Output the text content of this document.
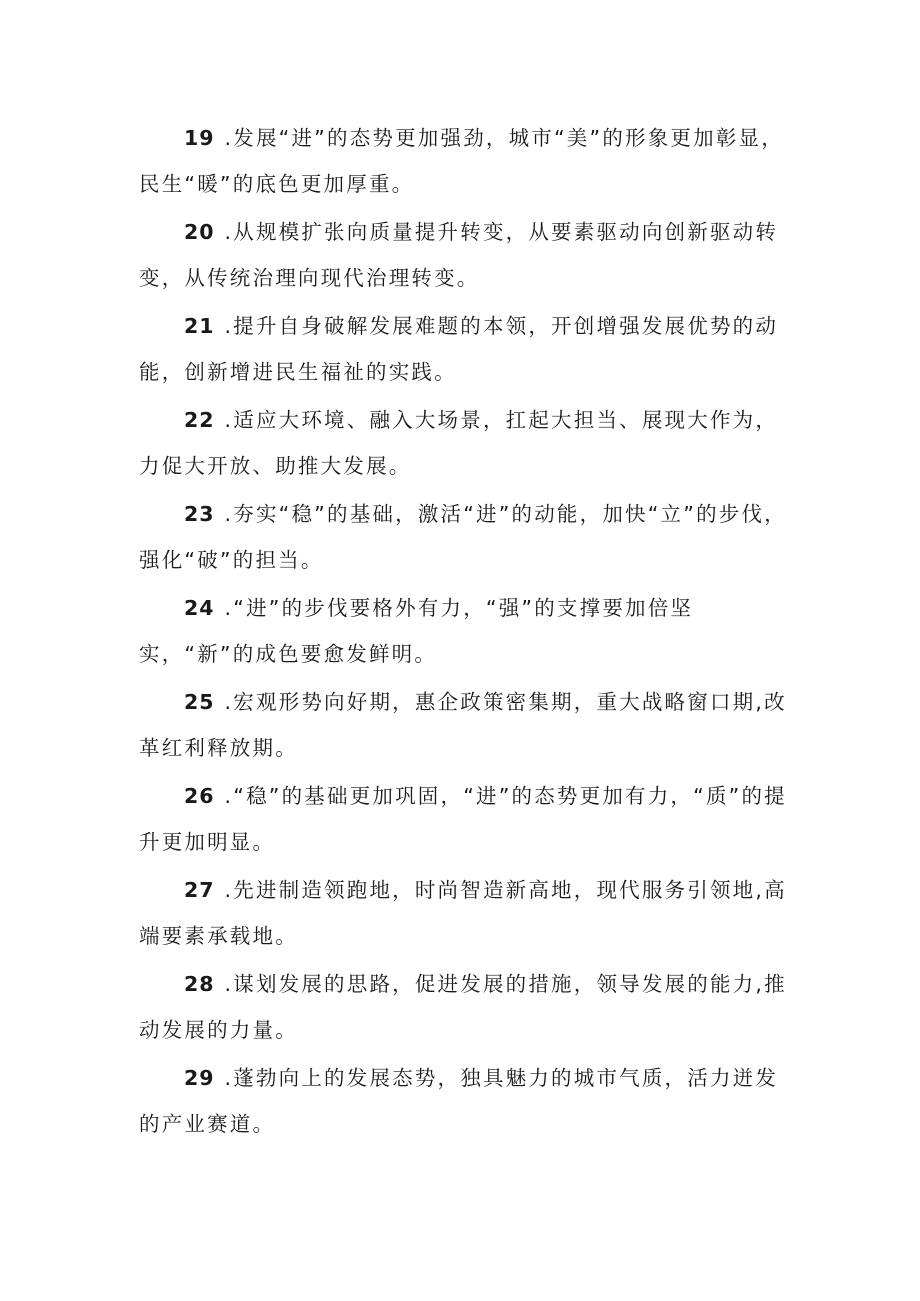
19 .发展“进”的态势更加强劲，城市“美”的形象更加彰显，民生“暖”的底色更加厚重。

20 .从规模扩张向质量提升转变，从要素驱动向创新驱动转变，从传统治理向现代治理转变。

21 .提升自身破解发展难题的本领，开创增强发展优势的动能，创新增进民生福祉的实践。

22 .适应大环境、融入大场景，扛起大担当、展现大作为，力促大开放、助推大发展。

23 .夯实“稳”的基础，激活“进”的动能，加快“立”的步伐，强化“破”的担当。

24 .“进”的步伐要格外有力，“强”的支撑要加倍坚实，“新”的成色要愈发鲜明。

25 .宏观形势向好期，惠企政策密集期，重大战略窗口期,改革红利释放期。

26 .“稳”的基础更加巩固，“进”的态势更加有力，“质”的提升更加明显。

27 .先进制造领跑地，时尚智造新高地，现代服务引领地,高端要素承载地。

28 .谋划发展的思路，促进发展的措施，领导发展的能力,推动发展的力量。

29 .蓬勃向上的发展态势，独具魅力的城市气质，活力迸发的产业赛道。
